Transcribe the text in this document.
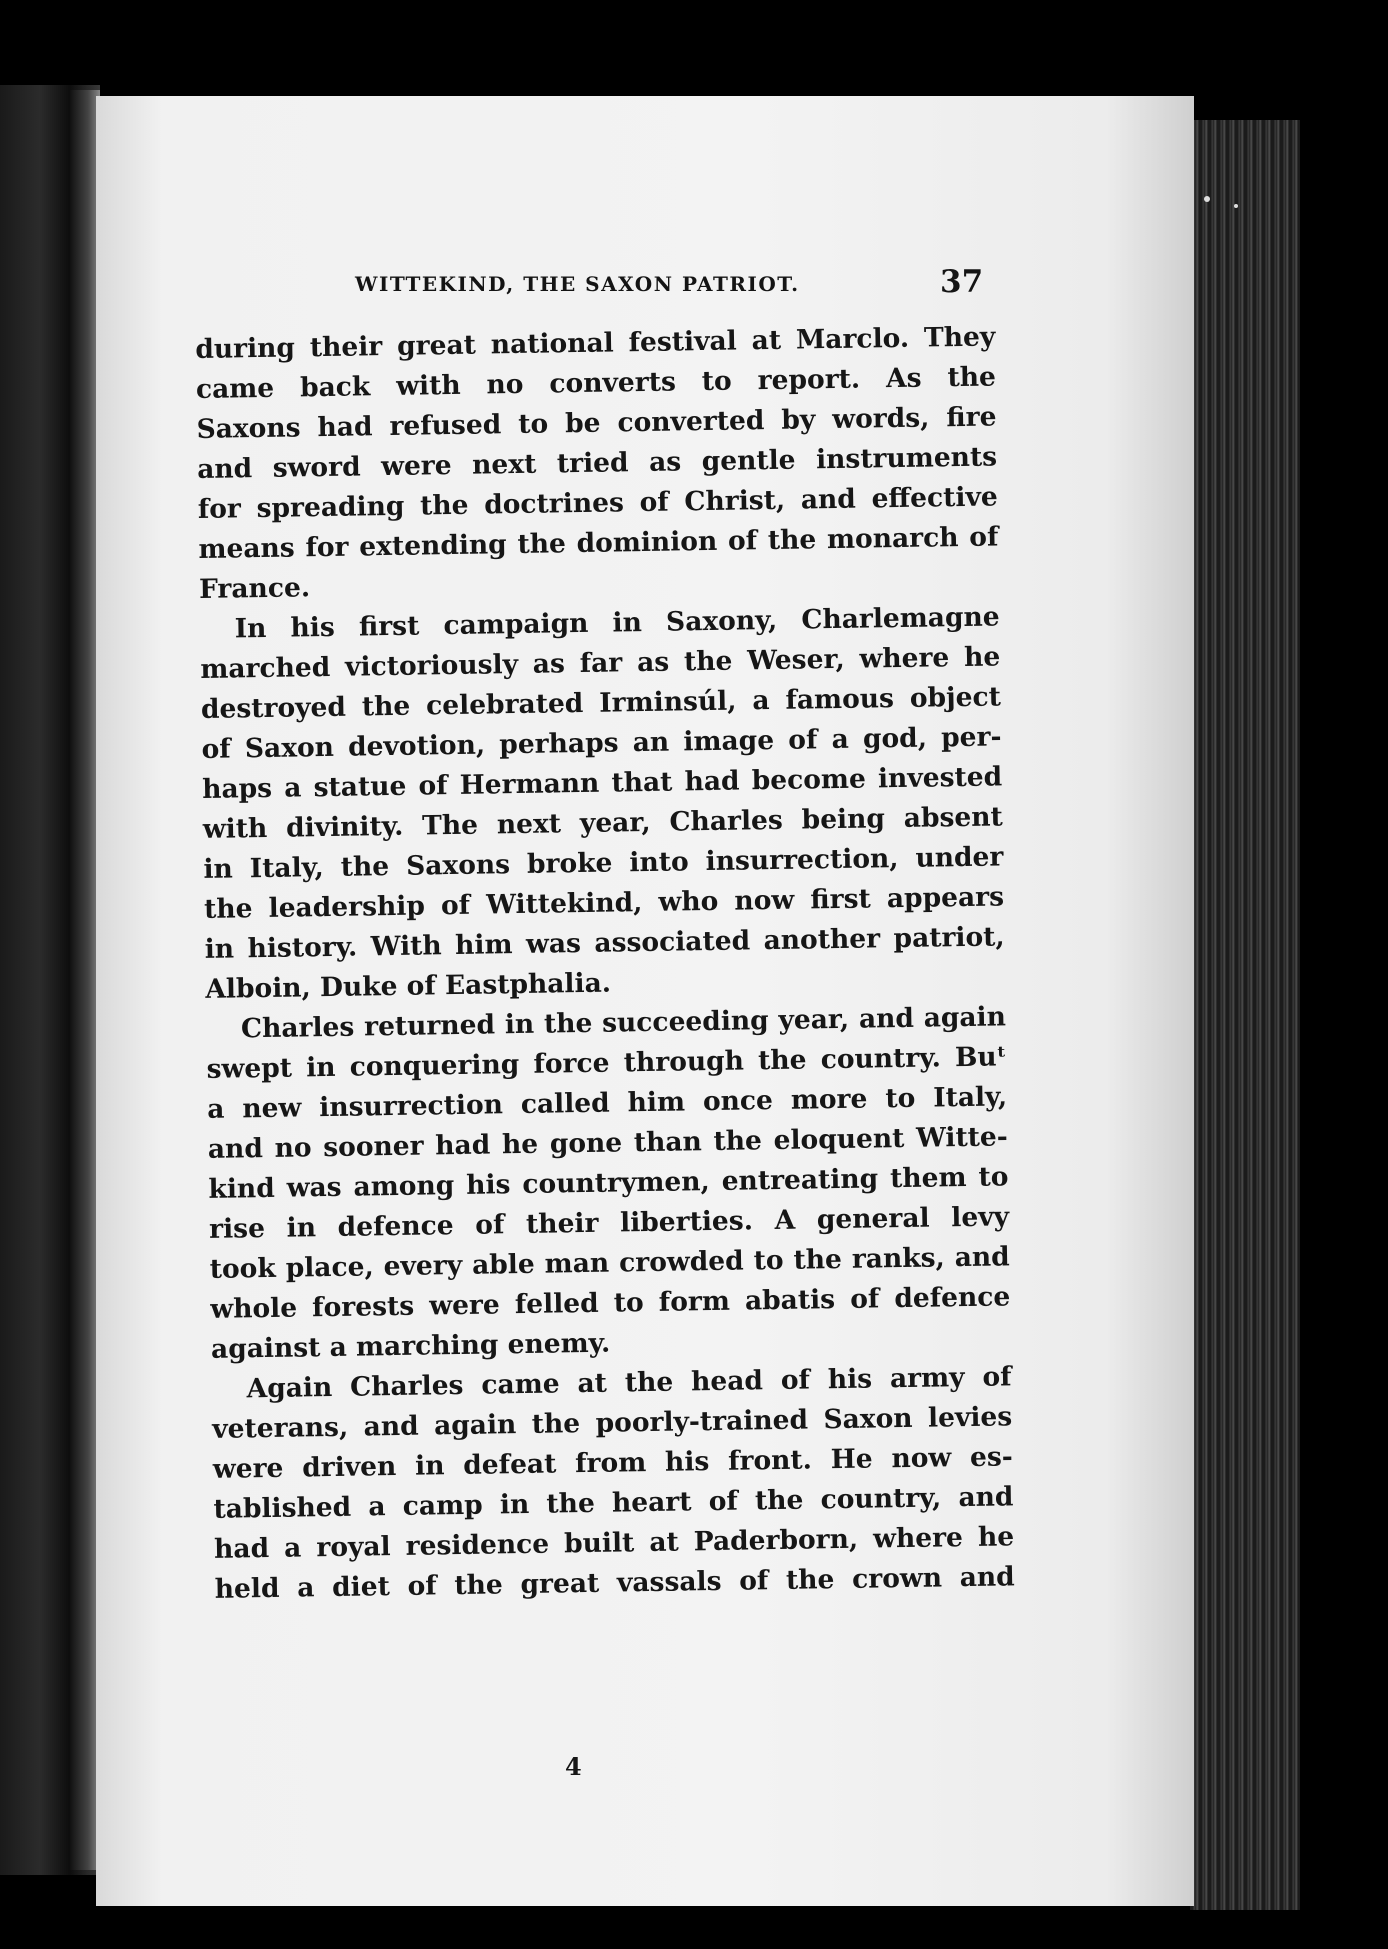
WITTEKIND, THE SAXON PATRIOT.	37
during their great national festival at Marclo. They
came back with no converts to report. As the
Saxons had refused to be converted by words, fire
and sword were next tried as gentle instruments
for spreading the doctrines of Christ, and effective
means for extending the dominion of the monarch of
France.
In his first campaign in Saxony, Charlemagne
marched victoriously as far as the Weser, where he
destroyed the celebrated Irminsúl, a famous object
of Saxon devotion, perhaps an image of a god, per-
haps a statue of Hermann that had become invested
with divinity. The next year, Charles being absent
in Italy, the Saxons broke into insurrection, under
the leadership of Wittekind, who now first appears
in history. With him was associated another patriot,
Alboin, Duke of Eastphalia.
Charles returned in the succeeding year, and again
swept in conquering force through the country. Buᵗ
a new insurrection called him once more to Italy,
and no sooner had he gone than the eloquent Witte-
kind was among his countrymen, entreating them to
rise in defence of their liberties. A general levy
took place, every able man crowded to the ranks, and
whole forests were felled to form abatis of defence
against a marching enemy.
Again Charles came at the head of his army of
veterans, and again the poorly-trained Saxon levies
were driven in defeat from his front. He now es-
tablished a camp in the heart of the country, and
had a royal residence built at Paderborn, where he
held a diet of the great vassals of the crown and
4
